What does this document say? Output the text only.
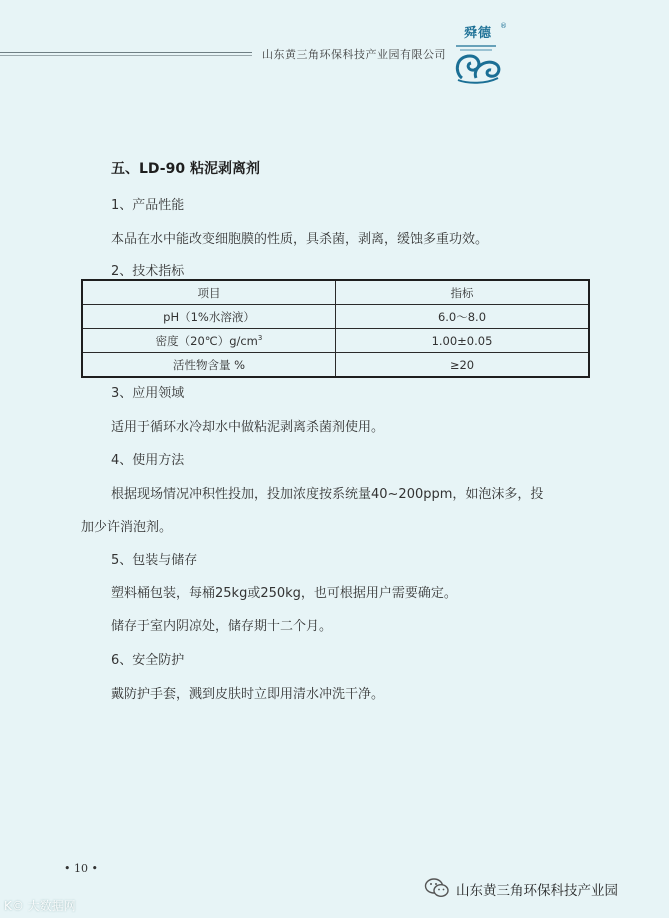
山东黄三角环保科技产业园有限公司
舜德	®
五、LD-90 粘泥剥离剂
1、产品性能
本品在水中能改变细胞膜的性质，具杀菌，剥离，缓蚀多重功效。
2、技术指标
项目	指标
pH（1%水溶液）	6.0～8.0
密度$(20℃)g/cm^3$	1.00±0.05
活性物含量 %	≥20
3、应用领域
适用于循环水冷却水中做粘泥剥离杀菌剂使用。
4、使用方法
根据现场情况冲积性投加，投加浓度按系统量40~200ppm，如泡沫多，投
加少许消泡剂。
5、包装与储存
塑料桶包装，每桶25kg或250kg，也可根据用户需要确定。
储存于室内阴凉处，储存期十二个月。
6、安全防护
戴防护手套，溅到皮肤时立即用清水冲洗干净。
• 10 •
K© 大数据网
山东黄三角环保科技产业园
